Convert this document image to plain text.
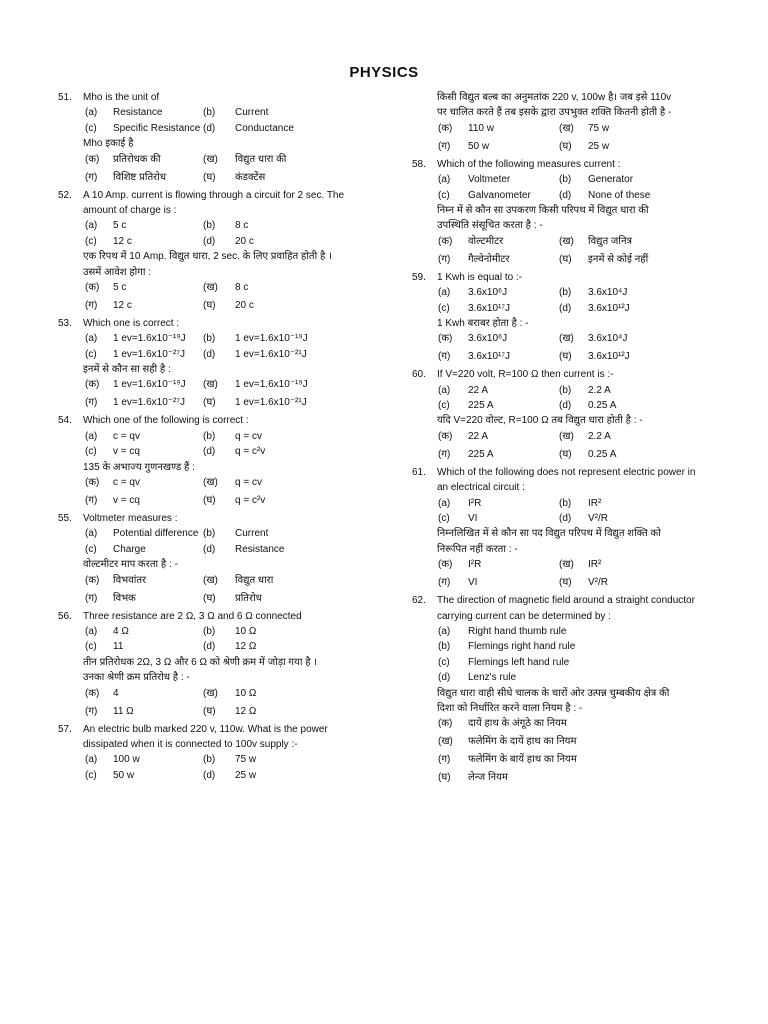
PHYSICS
51. Mho is the unit of
(a) Resistance	(b) Current
(c) Specific Resistance (d) Conductance
Mho इकाई है
(क) प्रतिरोधक की	(ख) विद्युत धारा की
(ग) विशिष्ट प्रतिरोध	(घ) कंडक्टेंस
52. A 10 Amp. current is flowing through a circuit for 2 sec. The
amount of charge is :
(a) 5 c	(b) 8 c
(c) 12 c	(d) 20 c
एक रिपथ में 10 Amp. विद्युत धारा, 2 sec. के लिए प्रवाहित होती है ।
उसमें आवेश होगा :
(क) 5 c	(ख) 8 c
(ग) 12 c	(घ) 20 c
53. Which one is correct :
(a) 1 ev=1.6x10⁻¹⁹J (b) 1 ev=1.6x10⁻¹⁹J
(c) 1 ev=1.6x10⁻²⁷J (d) 1 ev=1.6x10⁻²¹J
इनमें से कौन सा सही है :
(क) 1 ev=1.6x10⁻¹⁹J (ख) 1 ev=1.6x10⁻¹⁹J
(ग) 1 ev=1.6x10⁻²⁷J (घ) 1 ev=1.6x10⁻²¹J
54. Which one of the following is correct :
(a) c = qv	(b) q = cv
(c) v = cq	(d) q = c²v
135 के अभाज्य गुणनखण्ड हैं :
(क) c = qv	(ख) q = cv
(ग) v = cq	(घ) q = c²v
55. Voltmeter measures :
(a) Potential difference (b) Current
(c) Charge	(d) Resistance
वोल्टमीटर माप करता है : -
(क) विभवांतर	(ख) विद्युत धारा
(ग) विभक	(घ) प्रतिरोध
56. Three resistance are 2 Ω, 3 Ω and 6 Ω connected
(a) 4 Ω	(b) 10 Ω
(c) 11	(d) 12 Ω
तीन प्रतिरोधक 2Ω, 3 Ω और 6 Ω को श्रेणी क्रम में जोड़ा गया है ।
उनका श्रेणी क्रम प्रतिरोध है : -
(क) 4	(ख) 10 Ω
(ग) 11 Ω	(घ) 12 Ω
57. An electric bulb marked 220 v, 110w. What is the power
dissipated when it is connected to 100v supply :-
(a) 100 w	(b) 75 w
(c) 50 w	(d) 25 w
किसी विद्युत बल्ब का अनुमतांक 220 v, 100w है। जब इसे 110v
पर चालित करते हैं तब इसके द्वारा उपभुक्त शक्ति कितनी होती है -
(क) 110 w	(ख) 75 w
(ग) 50 w	(घ) 25 w
58. Which of the following measures current :
(a) Voltmeter	(b) Generator
(c) Galvanometer	(d) None of these
निम्न में से कौन सा उपकरण किसी परिपथ में विद्युत धारा की
उपस्थिति संसूचित करता है : -
(क) वोल्टमीटर	(ख) विद्युत जनित्र
(ग) गैल्वेनोमीटर	(घ) इनमें से कोई नहीं
59. 1 Kwh is equal to :-
(a) 3.6x10⁶J	(b) 3.6x10⁴J
(c) 3.6x10¹⁷J	(d) 3.6x10¹²J
1 Kwh बराबर होता है : -
(क) 3.6x10⁶J	(ख) 3.6x10⁴J
(ग) 3.6x10¹⁷J	(घ) 3.6x10¹²J
60. If V=220 volt, R=100 Ω then current is :-
(a) 22 A	(b) 2.2 A
(c) 225 A	(d) 0.25 A
यदि V=220 वोल्ट, R=100 Ω तब विद्युत धारा होती है : -
(क) 22 A	(ख) 2.2 A
(ग) 225 A	(घ) 0.25 A
61. Which of the following does not represent electric power in
an electrical circuit :
(a) I²R	(b) IR²
(c) VI	(d) V²/R
निम्नलिखित में से कौन सा पद विद्युत परिपथ में विद्युत शक्ति को
निरूपित नहीं करता : -
(क) I²R	(ख) IR²
(ग) VI	(घ) V²/R
62. The direction of magnetic field around a straight conductor
carrying current can be determined by :
(a) Right hand thumb rule
(b) Flemings right hand rule
(c) Flemings left hand rule
(d) Lenz's rule
विद्युत धारा वाही सीधे चालक के चारों ओर उत्पन्न चुम्बकीय क्षेत्र की
दिशा को निर्धारित करने वाला नियम है : -
(क) दायें हाथ के अंगूठे का नियम
(ख) फलेमिंग के दायें हाथ का नियम
(ग) फलेमिंग के बायें हाथ का नियम
(घ) लेन्ज नियम
